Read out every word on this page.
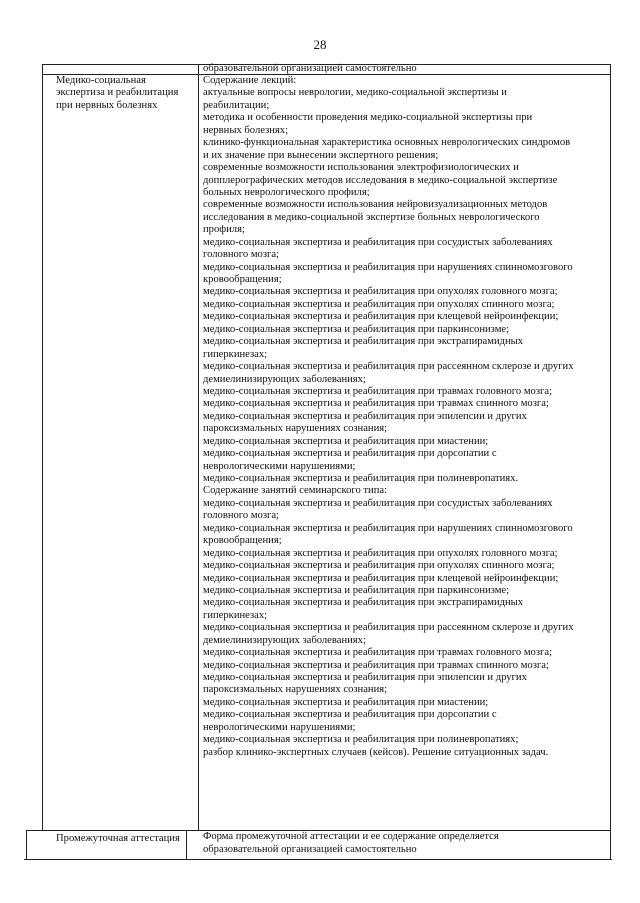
28
образовательной организацией самостоятельно
Медико-социальная
экспертиза и реабилитация
при нервных болезнях
Содержание лекций:
актуальные вопросы неврологии, медико-социальной экспертизы и
реабилитации;
методика и особенности проведения медико-социальной экспертизы при
нервных болезнях;
клинико-функциональная характеристика основных неврологических синдромов
и их значение при вынесении экспертного решения;
современные возможности использования электрофизиологических и
допплерографических методов исследования в медико-социальной экспертизе
больных неврологического профиля;
современные возможности использования нейровизуализационных методов
исследования в медико-социальной экспертизе больных неврологического
профиля;
медико-социальная экспертиза и реабилитация при сосудистых заболеваниях
головного мозга;
медико-социальная экспертиза и реабилитация при нарушениях спинномозгового
кровообращения;
медико-социальная экспертиза и реабилитация при опухолях головного мозга;
медико-социальная экспертиза и реабилитация при опухолях спинного мозга;
медико-социальная экспертиза и реабилитация при клещевой нейроинфекции;
медико-социальная экспертиза и реабилитация при паркинсонизме;
медико-социальная экспертиза и реабилитация при экстрапирамидных
гиперкинезах;
медико-социальная экспертиза и реабилитация при рассеянном склерозе и других
демиелинизирующих заболеваниях;
медико-социальная экспертиза и реабилитация при травмах головного мозга;
медико-социальная экспертиза и реабилитация при травмах спинного мозга;
медико-социальная экспертиза и реабилитация при эпилепсии и других
пароксизмальных нарушениях сознания;
медико-социальная экспертиза и реабилитация при миастении;
медико-социальная экспертиза и реабилитация при дорсопатии с
неврологическими нарушениями;
медико-социальная экспертиза и реабилитация при полиневропатиях.
Содержание занятий семинарского типа:
медико-социальная экспертиза и реабилитация при сосудистых заболеваниях
головного мозга;
медико-социальная экспертиза и реабилитация при нарушениях спинномозгового
кровообращения;
медико-социальная экспертиза и реабилитация при опухолях головного мозга;
медико-социальная экспертиза и реабилитация при опухолях спинного мозга;
медико-социальная экспертиза и реабилитация при клещевой нейроинфекции;
медико-социальная экспертиза и реабилитация при паркинсонизме;
медико-социальная экспертиза и реабилитация при экстрапирамидных
гиперкинезах;
медико-социальная экспертиза и реабилитация при рассеянном склерозе и других
демиелинизирующих заболеваниях;
медико-социальная экспертиза и реабилитация при травмах головного мозга;
медико-социальная экспертиза и реабилитация при травмах спинного мозга;
медико-социальная экспертиза и реабилитация при эпилепсии и других
пароксизмальных нарушениях сознания;
медико-социальная экспертиза и реабилитация при миастении;
медико-социальная экспертиза и реабилитация при дорсопатии с
неврологическими нарушениями;
медико-социальная экспертиза и реабилитация при полиневропатиях;
разбор клинико-экспертных случаев (кейсов). Решение ситуационных задач.
Промежуточная аттестация Форма промежуточной аттестации и ее содержание определяется
образовательной организацией самостоятельно
